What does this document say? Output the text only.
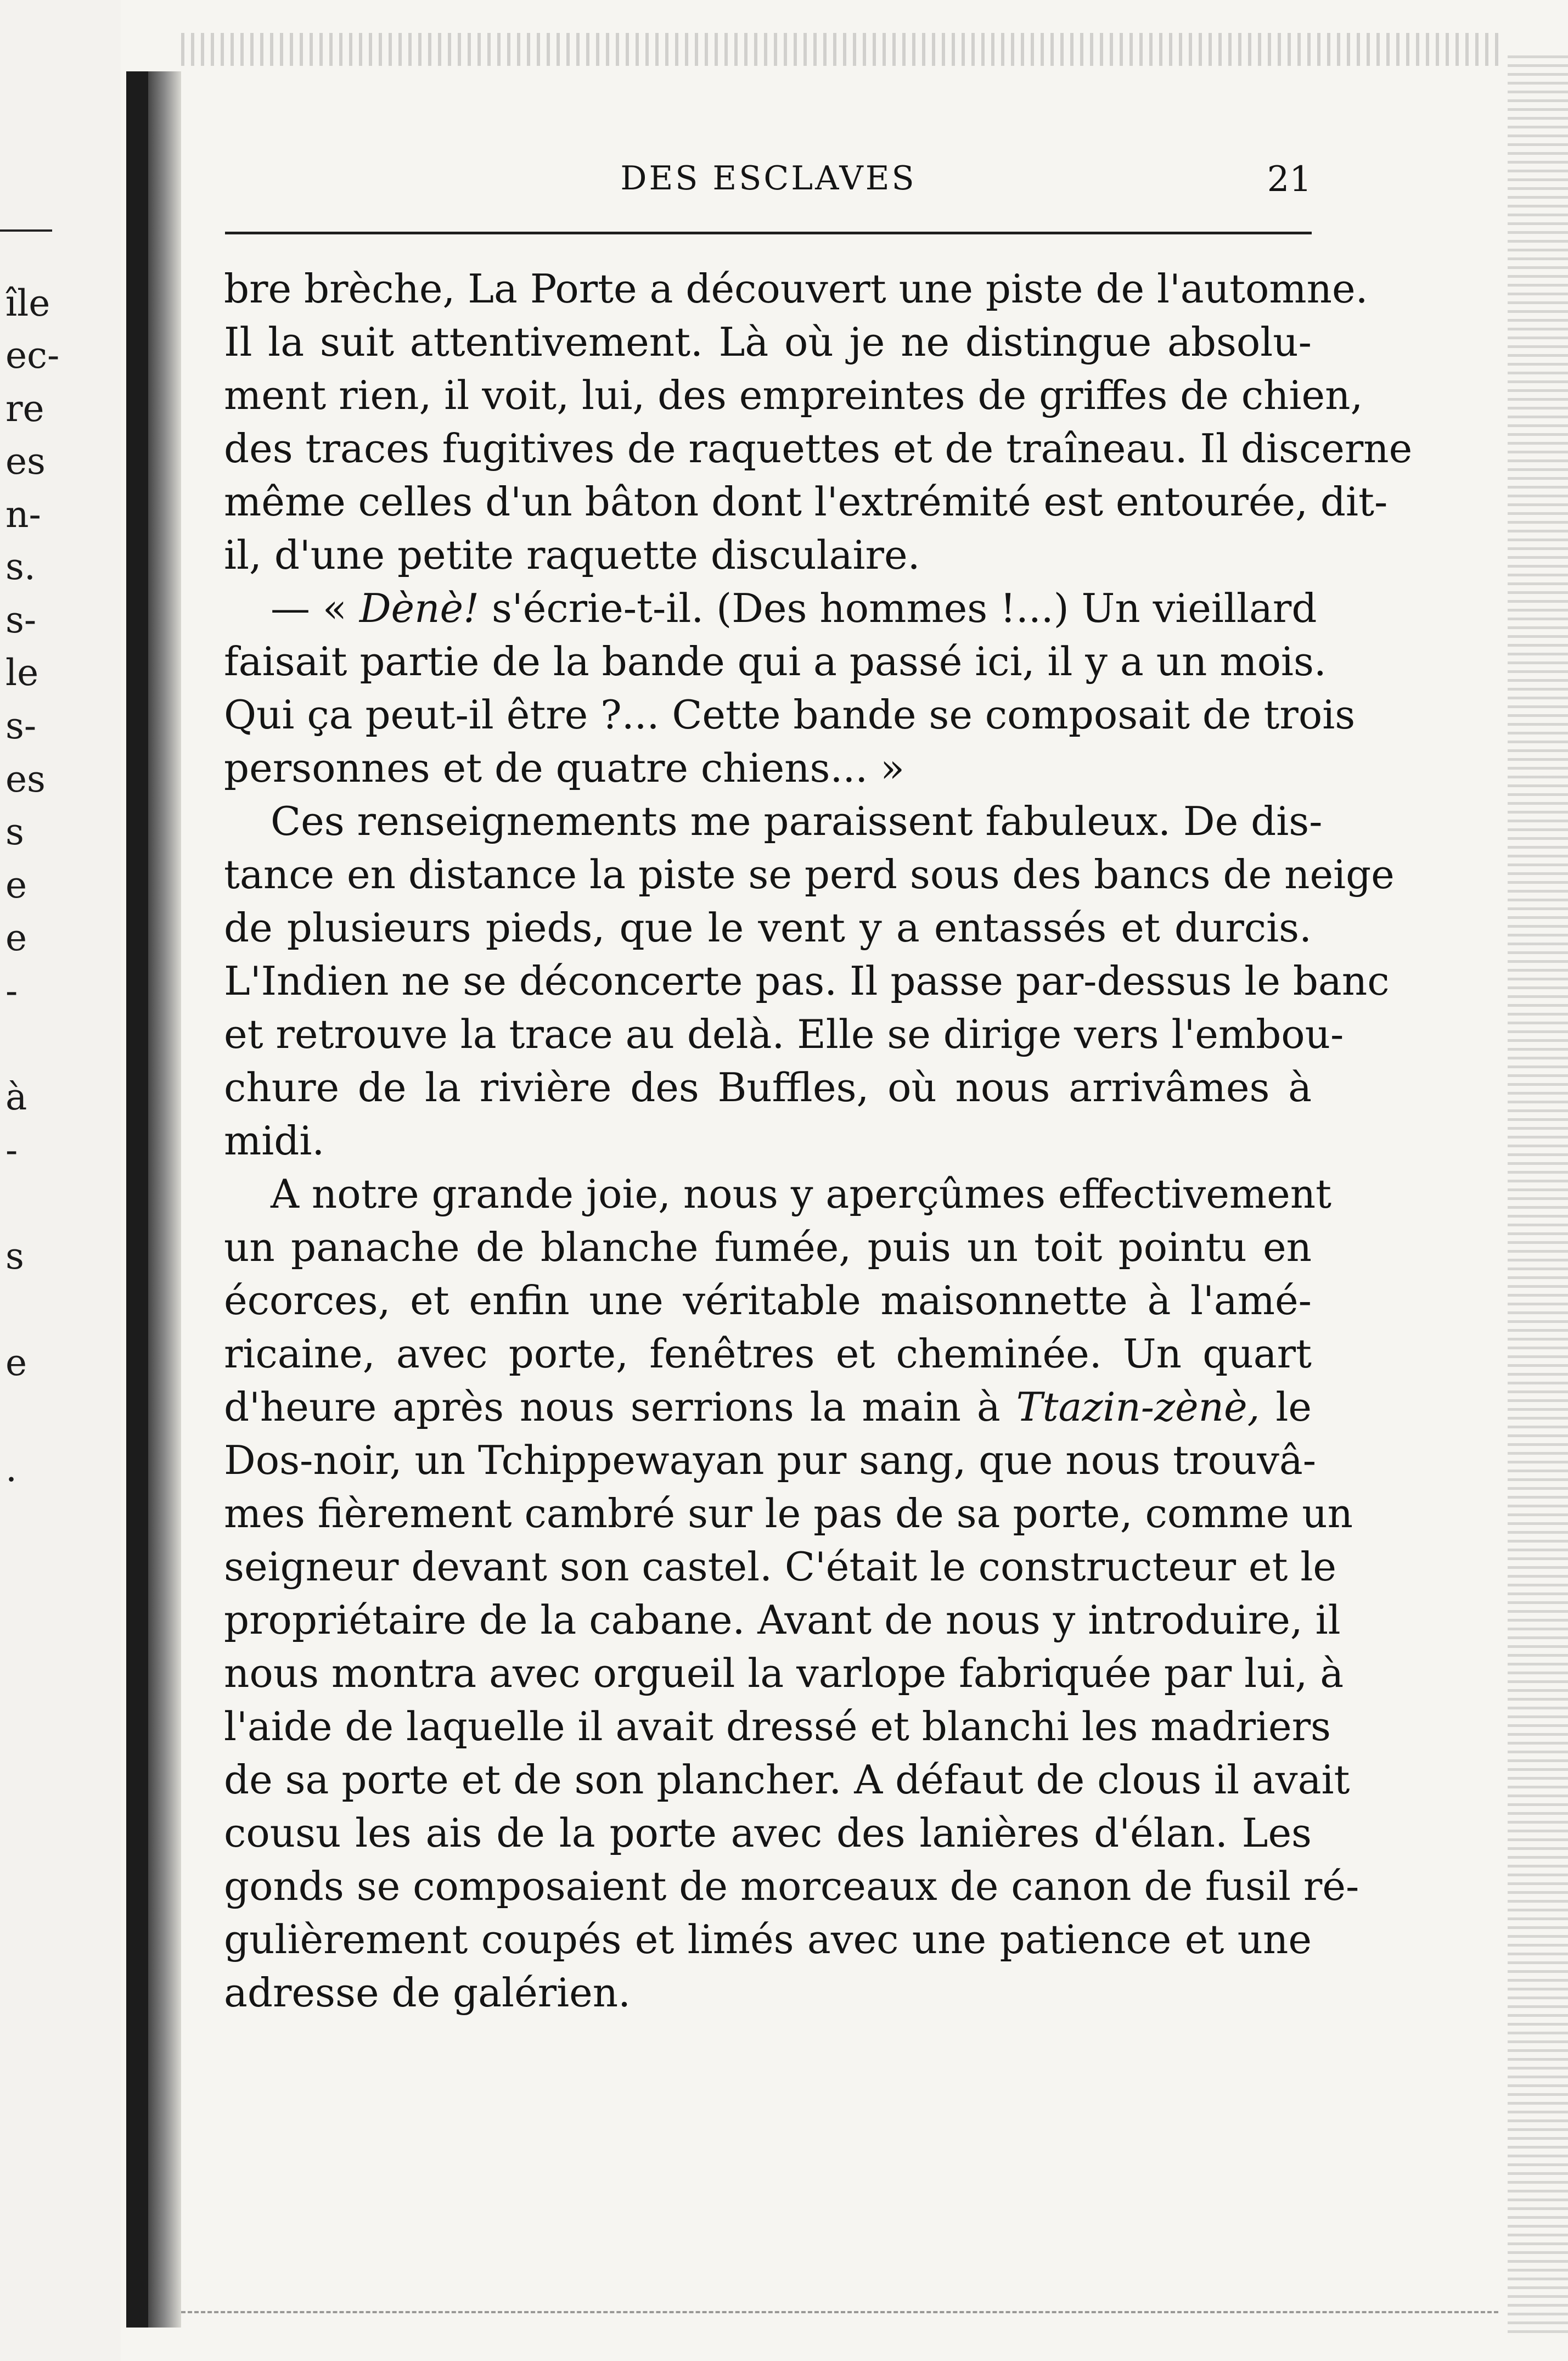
île
ec-
re
es
n-
s.
s-
le
s-
es
s
e
e
-
à
-
s
e
.
DES ESCLAVES	21
bre brèche, La Porte a découvert une piste de l'automne.
Il la suit attentivement. Là où je ne distingue absolu-
ment rien, il voit, lui, des empreintes de griffes de chien,
des traces fugitives de raquettes et de traîneau. Il discerne
même celles d'un bâton dont l'extrémité est entourée, dit-
il, d'une petite raquette disculaire.
— « Dènè! s'écrie-t-il. (Des hommes !...) Un vieillard
faisait partie de la bande qui a passé ici, il y a un mois.
Qui ça peut-il être ?... Cette bande se composait de trois
personnes et de quatre chiens... »
Ces renseignements me paraissent fabuleux. De dis-
tance en distance la piste se perd sous des bancs de neige
de plusieurs pieds, que le vent y a entassés et durcis.
L'Indien ne se déconcerte pas. Il passe par-dessus le banc
et retrouve la trace au delà. Elle se dirige vers l'embou-
chure de la rivière des Buffles, où nous arrivâmes à
midi.
A notre grande joie, nous y aperçûmes effectivement
un panache de blanche fumée, puis un toit pointu en
écorces, et enfin une véritable maisonnette à l'amé-
ricaine, avec porte, fenêtres et cheminée. Un quart
d'heure après nous serrions la main à Ttazin-zènè, le
Dos-noir, un Tchippewayan pur sang, que nous trouvâ-
mes fièrement cambré sur le pas de sa porte, comme un
seigneur devant son castel. C'était le constructeur et le
propriétaire de la cabane. Avant de nous y introduire, il
nous montra avec orgueil la varlope fabriquée par lui, à
l'aide de laquelle il avait dressé et blanchi les madriers
de sa porte et de son plancher. A défaut de clous il avait
cousu les ais de la porte avec des lanières d'élan. Les
gonds se composaient de morceaux de canon de fusil ré-
gulièrement coupés et limés avec une patience et une
adresse de galérien.
